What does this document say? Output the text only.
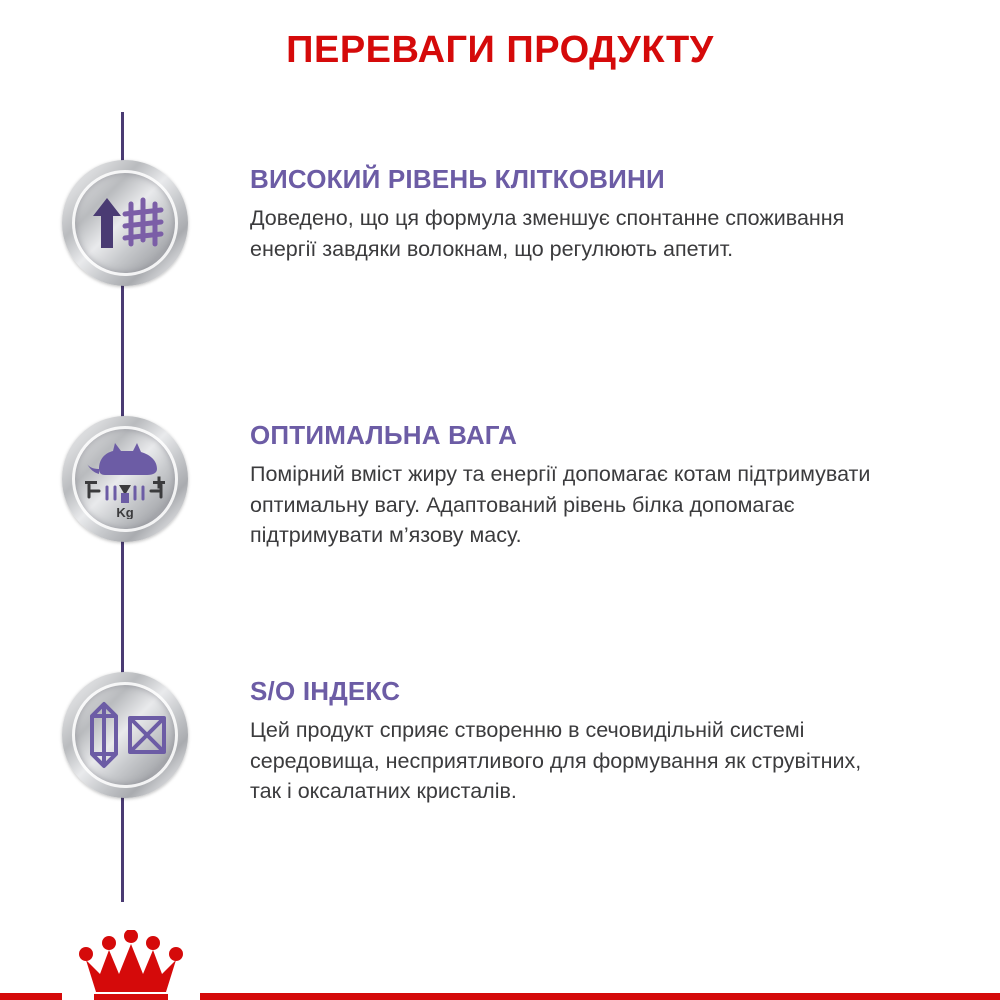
ПЕРЕВАГИ ПРОДУКТУ
ВИСОКИЙ РІВЕНЬ КЛІТКОВИНИ

Доведено, що ця формула зменшує спонтанне споживання енергії завдяки волокнам, що регулюють апетит.

Kg
ОПТИМАЛЬНА ВАГА

Помірний вміст жиру та енергії допомагає котам підтримувати оптимальну вагу. Адаптований рівень білка допомагає підтримувати м’язову масу.

S/O ІНДЕКС

Цей продукт сприяє створенню в сечовидільній системі середовища, несприятливого для формування як струвітних, так і оксалатних кристалів.
